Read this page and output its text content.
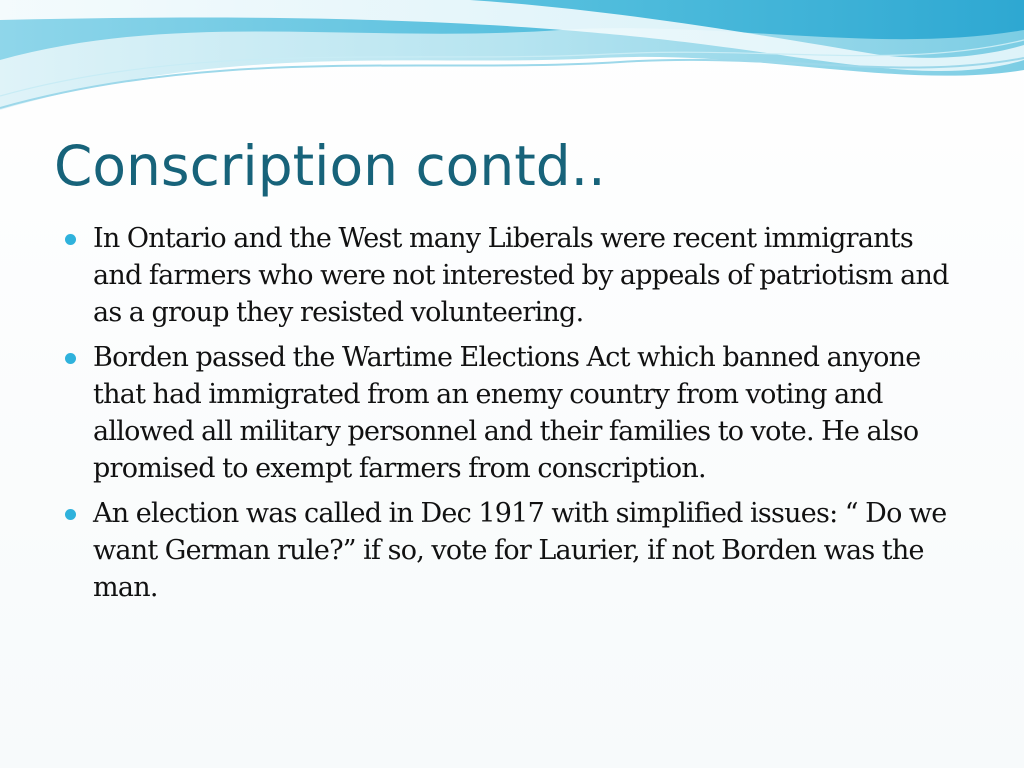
Conscription contd..
In Ontario and the West many Liberals were recent immigrants and farmers who were not interested by appeals of patriotism and as a group they resisted volunteering.
Borden passed the Wartime Elections Act which banned anyone that had immigrated from an enemy country from voting and allowed all military personnel and their families to vote. He also promised to exempt farmers from conscription.
An election was called in Dec 1917 with simplified issues: “ Do we want German rule?” if so, vote for Laurier, if not Borden was the man.
